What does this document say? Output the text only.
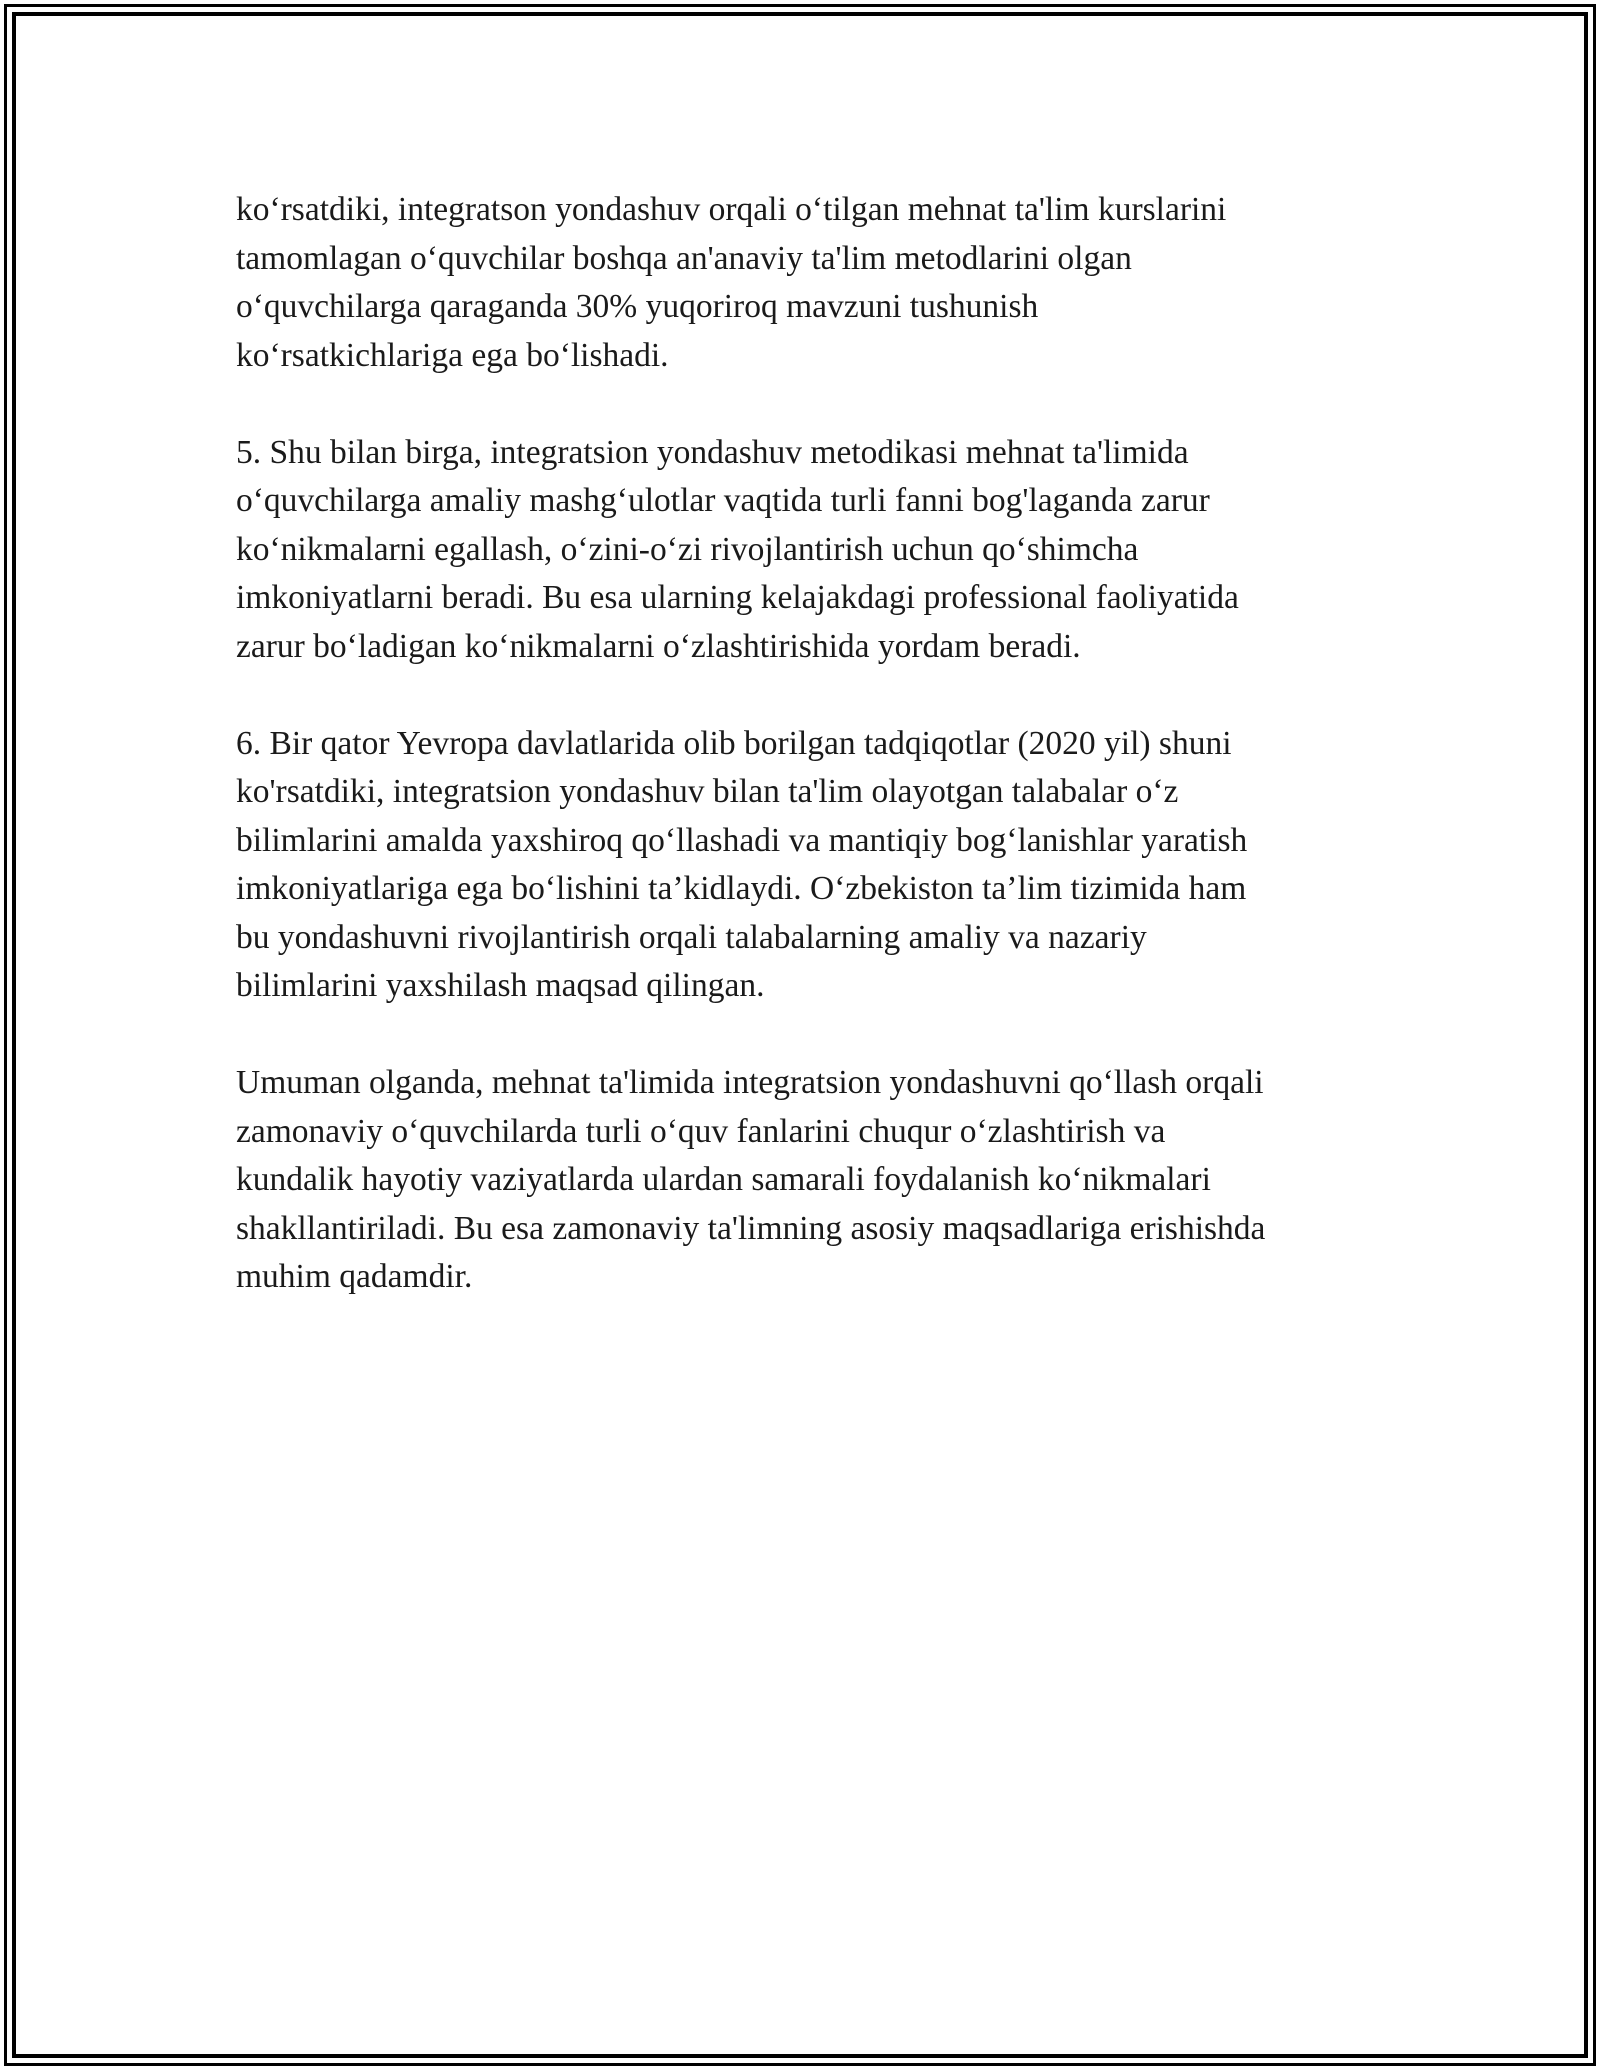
ko‘rsatdiki, integratson yondashuv orqali o‘tilgan mehnat ta'lim kurslarini
tamomlagan o‘quvchilar boshqa an'anaviy ta'lim metodlarini olgan
o‘quvchilarga qaraganda 30% yuqoriroq mavzuni tushunish
ko‘rsatkichlariga ega bo‘lishadi.

5. Shu bilan birga, integratsion yondashuv metodikasi mehnat ta'limida
o‘quvchilarga amaliy mashg‘ulotlar vaqtida turli fanni bog'laganda zarur
ko‘nikmalarni egallash, o‘zini-o‘zi rivojlantirish uchun qo‘shimcha
imkoniyatlarni beradi. Bu esa ularning kelajakdagi professional faoliyatida
zarur bo‘ladigan ko‘nikmalarni o‘zlashtirishida yordam beradi.

6. Bir qator Yevropa davlatlarida olib borilgan tadqiqotlar (2020 yil) shuni
ko'rsatdiki, integratsion yondashuv bilan ta'lim olayotgan talabalar o‘z
bilimlarini amalda yaxshiroq qo‘llashadi va mantiqiy bog‘lanishlar yaratish
imkoniyatlariga ega bo‘lishini ta’kidlaydi. O‘zbekiston ta’lim tizimida ham
bu yondashuvni rivojlantirish orqali talabalarning amaliy va nazariy
bilimlarini yaxshilash maqsad qilingan.

Umuman olganda, mehnat ta'limida integratsion yondashuvni qo‘llash orqali
zamonaviy o‘quvchilarda turli o‘quv fanlarini chuqur o‘zlashtirish va
kundalik hayotiy vaziyatlarda ulardan samarali foydalanish ko‘nikmalari
shakllantiriladi. Bu esa zamonaviy ta'limning asosiy maqsadlariga erishishda
muhim qadamdir.
